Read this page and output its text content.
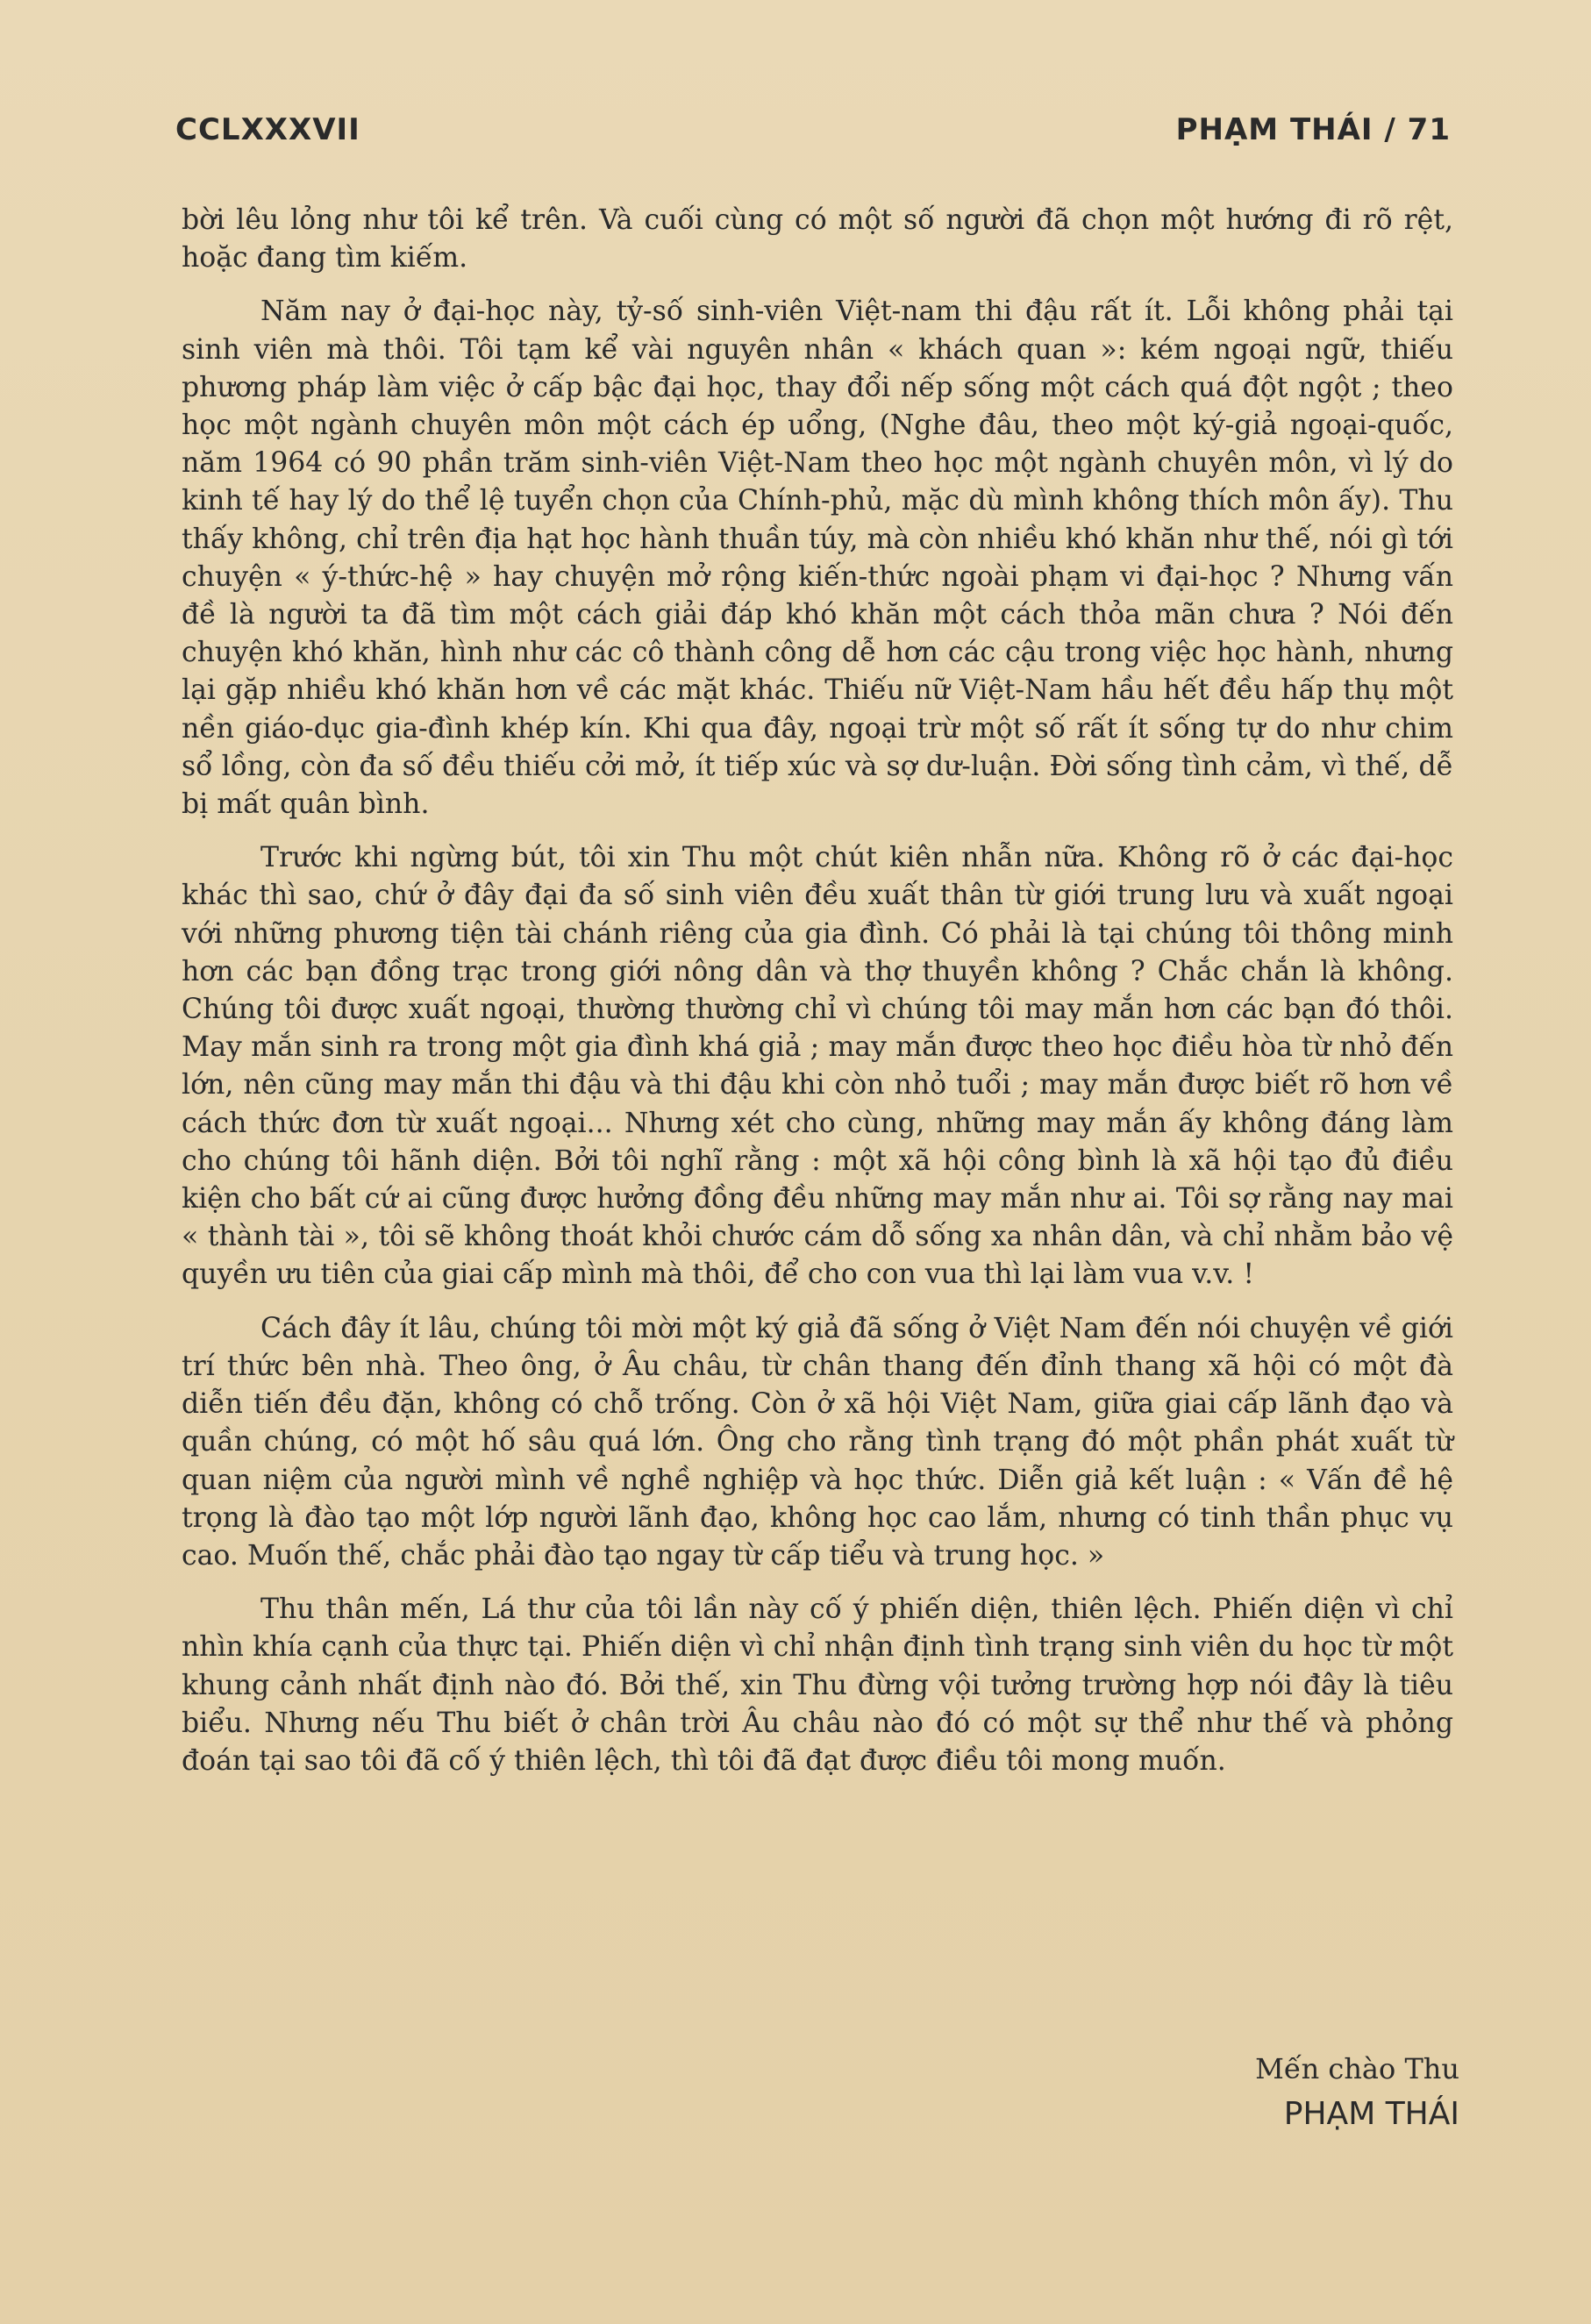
CCLXXXVII	PHẠM THÁI / 71

bời lêu lỏng như tôi kể trên. Và cuối cùng có một số người đã chọn một hướng đi rõ rệt, hoặc đang tìm kiếm.

Năm nay ở đại-học này, tỷ-số sinh-viên Việt-nam thi đậu rất ít. Lỗi không phải tại sinh viên mà thôi. Tôi tạm kể vài nguyên nhân « khách quan »: kém ngoại ngữ, thiếu phương pháp làm việc ở cấp bậc đại học, thay đổi nếp sống một cách quá đột ngột ; theo học một ngành chuyên môn một cách ép uổng, (Nghe đâu, theo một ký-giả ngoại-quốc, năm 1964 có 90 phần trăm sinh-viên Việt-Nam theo học một ngành chuyên môn, vì lý do kinh tế hay lý do thể lệ tuyển chọn của Chính-phủ, mặc dù mình không thích môn ấy). Thu thấy không, chỉ trên địa hạt học hành thuần túy, mà còn nhiều khó khăn như thế, nói gì tới chuyện « ý-thức-hệ » hay chuyện mở rộng kiến-thức ngoài phạm vi đại-học ? Nhưng vấn đề là người ta đã tìm một cách giải đáp khó khăn một cách thỏa mãn chưa ? Nói đến chuyện khó khăn, hình như các cô thành công dễ hơn các cậu trong việc học hành, nhưng lại gặp nhiều khó khăn hơn về các mặt khác. Thiếu nữ Việt-Nam hầu hết đều hấp thụ một nền giáo-dục gia-đình khép kín. Khi qua đây, ngoại trừ một số rất ít sống tự do như chim sổ lồng, còn đa số đều thiếu cởi mở, ít tiếp xúc và sợ dư-luận. Đời sống tình cảm, vì thế, dễ bị mất quân bình.

Trước khi ngừng bút, tôi xin Thu một chút kiên nhẫn nữa. Không rõ ở các đại-học khác thì sao, chứ ở đây đại đa số sinh viên đều xuất thân từ giới trung lưu và xuất ngoại với những phương tiện tài chánh riêng của gia đình. Có phải là tại chúng tôi thông minh hơn các bạn đồng trạc trong giới nông dân và thợ thuyền không ? Chắc chắn là không. Chúng tôi được xuất ngoại, thường thường chỉ vì chúng tôi may mắn hơn các bạn đó thôi. May mắn sinh ra trong một gia đình khá giả ; may mắn được theo học điều hòa từ nhỏ đến lớn, nên cũng may mắn thi đậu và thi đậu khi còn nhỏ tuổi ; may mắn được biết rõ hơn về cách thức đơn từ xuất ngoại... Nhưng xét cho cùng, những may mắn ấy không đáng làm cho chúng tôi hãnh diện. Bởi tôi nghĩ rằng : một xã hội công bình là xã hội tạo đủ điều kiện cho bất cứ ai cũng được hưởng đồng đều những may mắn như ai. Tôi sợ rằng nay mai « thành tài », tôi sẽ không thoát khỏi chước cám dỗ sống xa nhân dân, và chỉ nhằm bảo vệ quyền ưu tiên của giai cấp mình mà thôi, để cho con vua thì lại làm vua v.v. !

Cách đây ít lâu, chúng tôi mời một ký giả đã sống ở Việt Nam đến nói chuyện về giới trí thức bên nhà. Theo ông, ở Âu châu, từ chân thang đến đỉnh thang xã hội có một đà diễn tiến đều đặn, không có chỗ trống. Còn ở xã hội Việt Nam, giữa giai cấp lãnh đạo và quần chúng, có một hố sâu quá lớn. Ông cho rằng tình trạng đó một phần phát xuất từ quan niệm của người mình về nghề nghiệp và học thức. Diễn giả kết luận : « Vấn đề hệ trọng là đào tạo một lớp người lãnh đạo, không học cao lắm, nhưng có tinh thần phục vụ cao. Muốn thế, chắc phải đào tạo ngay từ cấp tiểu và trung học. »

Thu thân mến, Lá thư của tôi lần này cố ý phiến diện, thiên lệch. Phiến diện vì chỉ nhìn khía cạnh của thực tại. Phiến diện vì chỉ nhận định tình trạng sinh viên du học từ một khung cảnh nhất định nào đó. Bởi thế, xin Thu đừng vội tưởng trường hợp nói đây là tiêu biểu. Nhưng nếu Thu biết ở chân trời Âu châu nào đó có một sự thể như thế và phỏng đoán tại sao tôi đã cố ý thiên lệch, thì tôi đã đạt được điều tôi mong muốn.

Mến chào Thu
PHẠM THÁI
